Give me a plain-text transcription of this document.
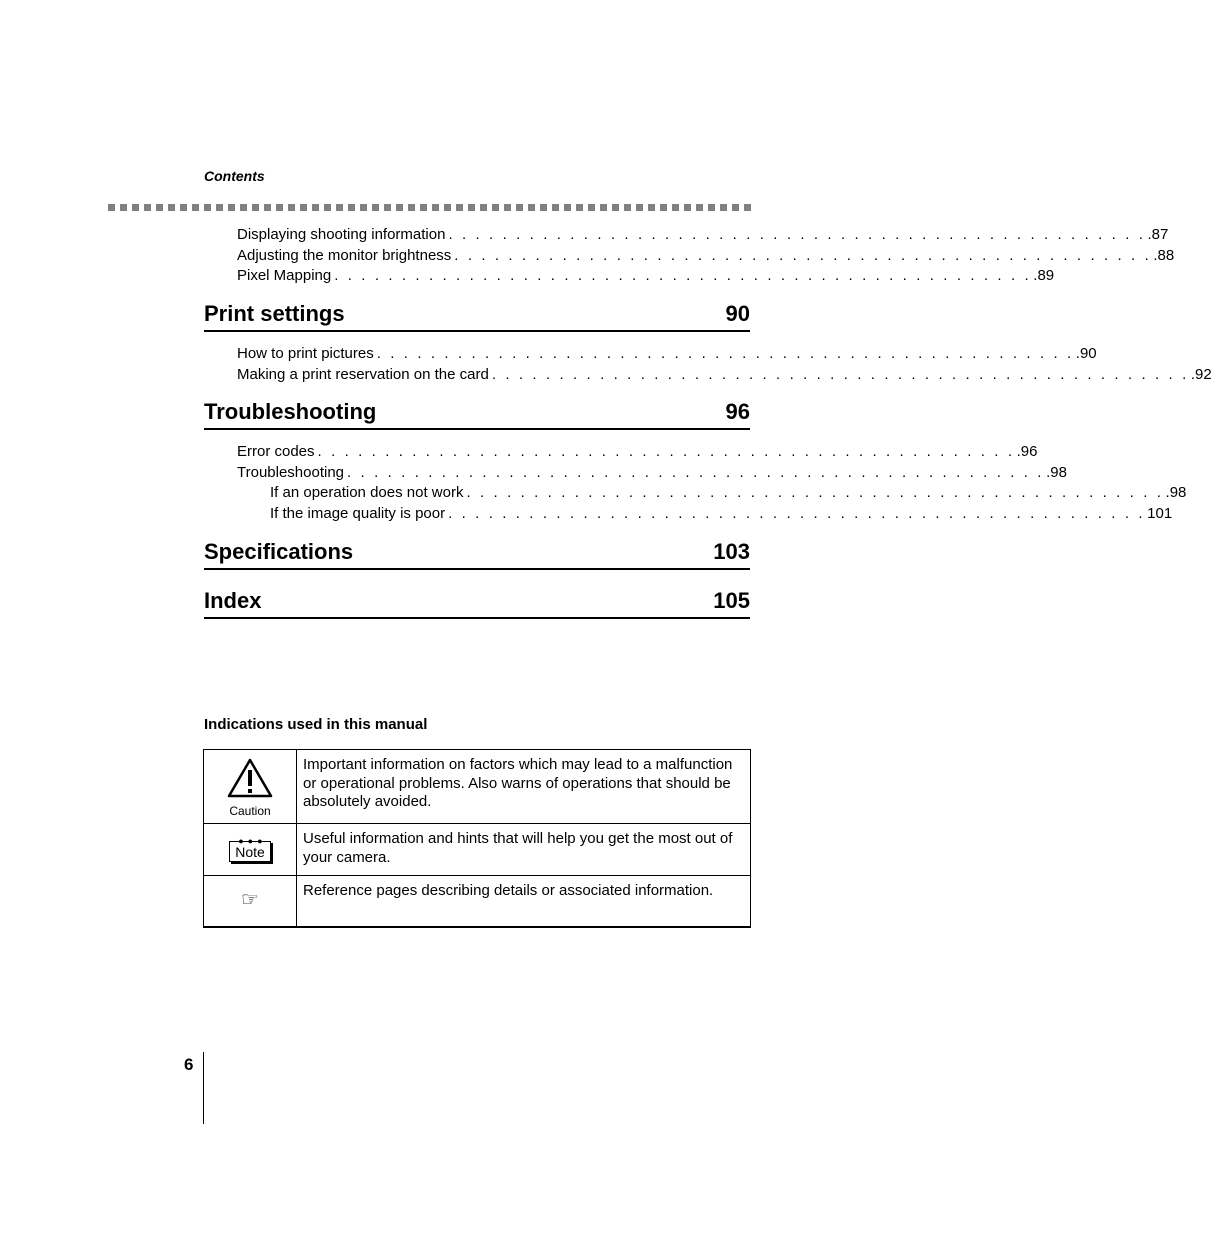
Contents
Displaying shooting information . . . . . . . . . . . . . . . . . . . . . . . . . . . . . . . . . . . . . . . . . . . . . . . . . . . . .87
Adjusting the monitor brightness . . . . . . . . . . . . . . . . . . . . . . . . . . . . . . . . . . . . . . . . . . . . . . . . . . . . .88
Pixel Mapping . . . . . . . . . . . . . . . . . . . . . . . . . . . . . . . . . . . . . . . . . . . . . . . . . . . . .89
Print settings	90
How to print pictures . . . . . . . . . . . . . . . . . . . . . . . . . . . . . . . . . . . . . . . . . . . . . . . . . . . . .90
Making a print reservation on the card . . . . . . . . . . . . . . . . . . . . . . . . . . . . . . . . . . . . . . . . . . . . . . . . . . . . .92
Troubleshooting	96
Error codes . . . . . . . . . . . . . . . . . . . . . . . . . . . . . . . . . . . . . . . . . . . . . . . . . . . . .96
Troubleshooting . . . . . . . . . . . . . . . . . . . . . . . . . . . . . . . . . . . . . . . . . . . . . . . . . . . . .98
If an operation does not work . . . . . . . . . . . . . . . . . . . . . . . . . . . . . . . . . . . . . . . . . . . . . . . . . . . . .98
If the image quality is poor . . . . . . . . . . . . . . . . . . . . . . . . . . . . . . . . . . . . . . . . . . . . . . . . . . . . 101
Specifications	103
Index	105
Indications used in this manual
Caution	Important information on factors which may lead to a malfunction or operational problems. Also warns of operations that should be absolutely avoided.

●●●
Note	Useful information and hints that will help you get the most out of your camera.
☞	Reference pages describing details or associated information.
6
